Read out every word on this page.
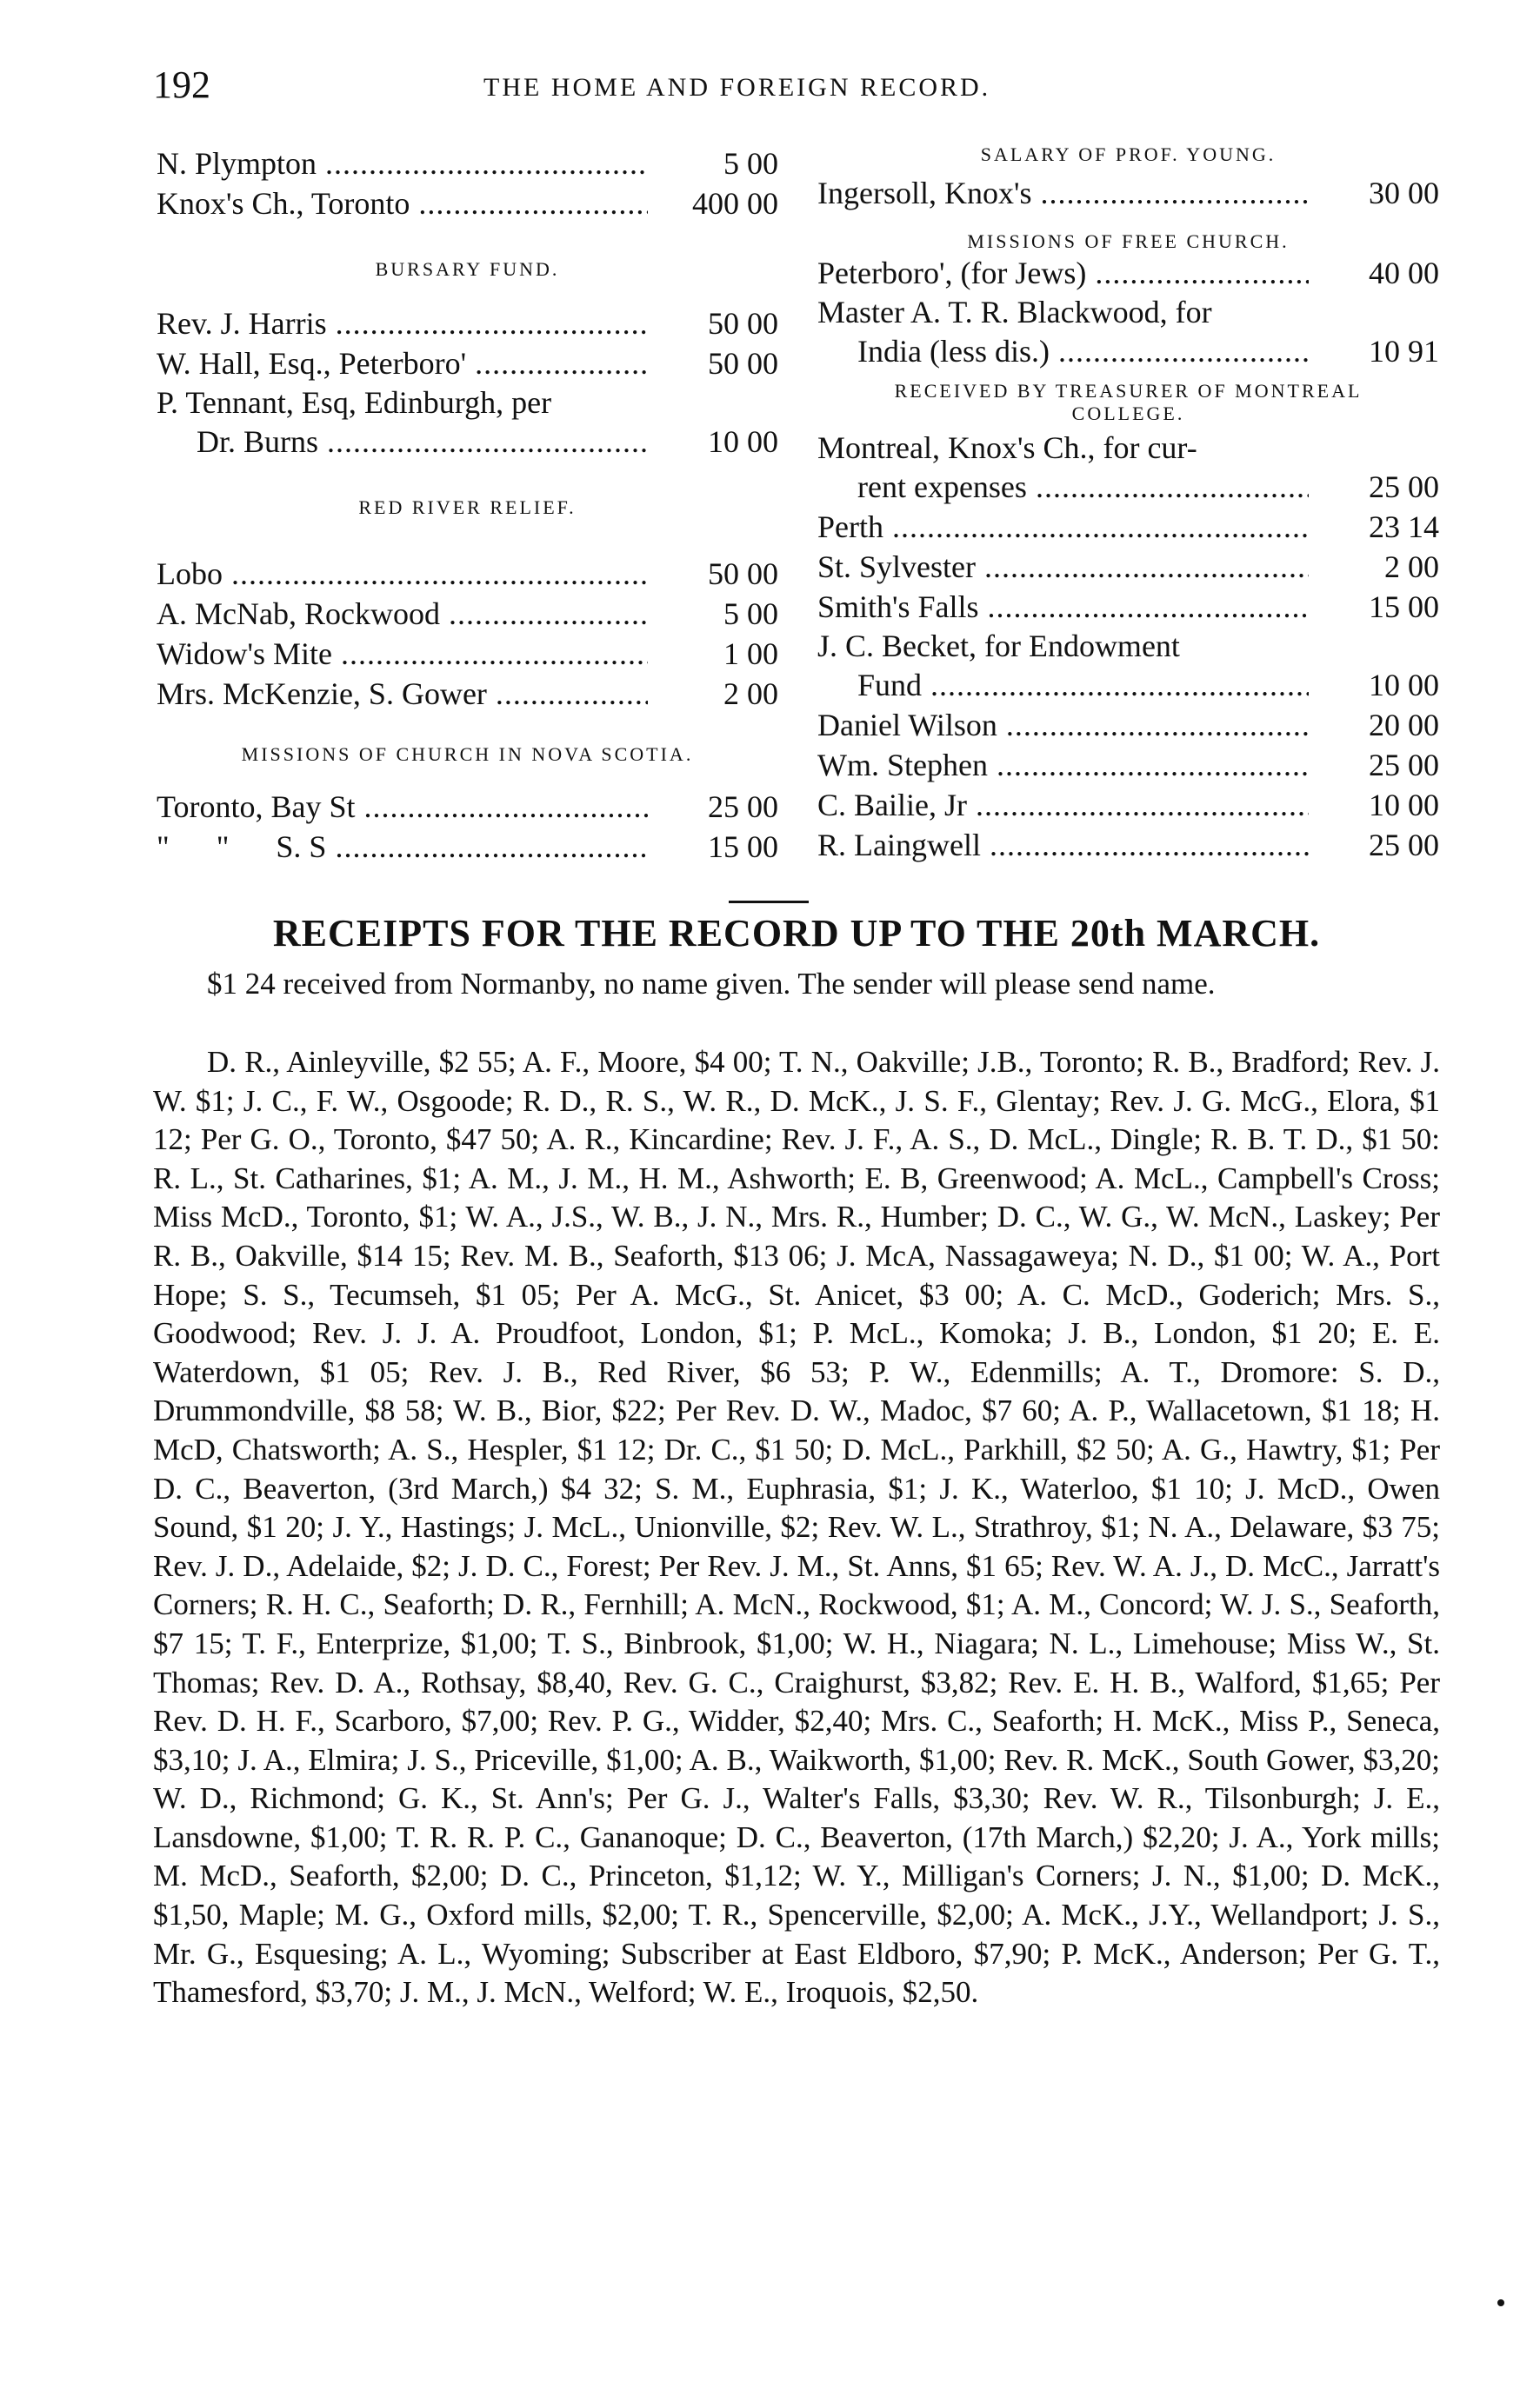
192	THE HOME AND FOREIGN RECORD.
N. Plympton .....	5 00
Knox's Ch., Toronto .....	400 00
BURSARY FUND.
Rev. J. Harris .....	50 00
W. Hall, Esq., Peterboro' .....	50 00
P. Tennant, Esq, Edinburgh, per
Dr. Burns .....	10 00
RED RIVER RELIEF.
Lobo .....	50 00
A. McNab, Rockwood .....	5 00
Widow's Mite .....	1 00
Mrs. McKenzie, S. Gower .....	2 00
MISSIONS OF CHURCH IN NOVA SCOTIA.
Toronto, Bay St .....	25 00
"      "      S. S .....	15 00
SALARY OF PROF. YOUNG.
Ingersoll, Knox's .....	30 00
MISSIONS OF FREE CHURCH.
Peterboro', (for Jews) .....	40 00
Master A. T. R. Blackwood, for
India (less dis.) .....	10 91
RECEIVED BY TREASURER OF MONTREAL
COLLEGE.
Montreal, Knox's Ch., for cur-
rent expenses .....	25 00
Perth .....	23 14
St. Sylvester .....	2 00
Smith's Falls .....	15 00
J. C. Becket, for Endowment
Fund .....	10 00
Daniel Wilson .....	20 00
Wm. Stephen .....	25 00
C. Bailie, Jr .....	10 00
R. Laingwell .....	25 00
RECEIPTS FOR THE RECORD UP TO THE 20th MARCH.

$1 24 received from Normanby, no name given. The sender will please send name.

D. R., Ainleyville, $2 55; A. F., Moore, $4 00; T. N., Oakville; J.B., Toronto; R. B., Bradford; Rev. J. W. $1; J. C., F. W., Osgoode; R. D., R. S., W. R., D. McK., J. S. F., Glentay; Rev. J. G. McG., Elora, $1 12; Per G. O., Toronto, $47 50; A. R., Kincardine; Rev. J. F., A. S., D. McL., Dingle; R. B. T. D., $1 50: R. L., St. Catharines, $1; A. M., J. M., H. M., Ashworth; E. B, Greenwood; A. McL., Campbell's Cross; Miss McD., Toronto, $1; W. A., J.S., W. B., J. N., Mrs. R., Humber; D. C., W. G., W. McN., Laskey; Per R. B., Oakville, $14 15; Rev. M. B., Seaforth, $13 06; J. McA, Nassagaweya; N. D., $1 00; W. A., Port Hope; S. S., Tecumseh, $1 05; Per A. McG., St. Anicet, $3 00; A. C. McD., Goderich; Mrs. S., Goodwood; Rev. J. J. A. Proudfoot, London, $1; P. McL., Komoka; J. B., London, $1 20; E. E. Waterdown, $1 05; Rev. J. B., Red River, $6 53; P. W., Edenmills; A. T., Dromore: S. D., Drummondville, $8 58; W. B., Bior, $22; Per Rev. D. W., Madoc, $7 60; A. P., Wallacetown, $1 18; H. McD, Chatsworth; A. S., Hespler, $1 12; Dr. C., $1 50; D. McL., Parkhill, $2 50; A. G., Hawtry, $1; Per D. C., Beaverton, (3rd March,) $4 32; S. M., Euphrasia, $1; J. K., Waterloo, $1 10; J. McD., Owen Sound, $1 20; J. Y., Hastings; J. McL., Unionville, $2; Rev. W. L., Strathroy, $1; N. A., Delaware, $3 75; Rev. J. D., Adelaide, $2; J. D. C., Forest; Per Rev. J. M., St. Anns, $1 65; Rev. W. A. J., D. McC., Jarratt's Corners; R. H. C., Seaforth; D. R., Fernhill; A. McN., Rockwood, $1; A. M., Concord; W. J. S., Seaforth, $7 15; T. F., Enterprize, $1,00; T. S., Binbrook, $1,00; W. H., Niagara; N. L., Limehouse; Miss W., St. Thomas; Rev. D. A., Rothsay, $8,40, Rev. G. C., Craighurst, $3,82; Rev. E. H. B., Walford, $1,65; Per Rev. D. H. F., Scarboro, $7,00; Rev. P. G., Widder, $2,40; Mrs. C., Seaforth; H. McK., Miss P., Seneca, $3,10; J. A., Elmira; J. S., Priceville, $1,00; A. B., Waikworth, $1,00; Rev. R. McK., South Gower, $3,20; W. D., Richmond; G. K., St. Ann's; Per G. J., Walter's Falls, $3,30; Rev. W. R., Tilsonburgh; J. E., Lansdowne, $1,00; T. R. R. P. C., Gananoque; D. C., Beaverton, (17th March,) $2,20; J. A., York mills; M. McD., Seaforth, $2,00; D. C., Princeton, $1,12; W. Y., Milligan's Corners; J. N., $1,00; D. McK., $1,50, Maple; M. G., Oxford mills, $2,00; T. R., Spencerville, $2,00; A. McK., J.Y., Wellandport; J. S., Mr. G., Esquesing; A. L., Wyoming; Subscriber at East Eldboro, $7,90; P. McK., Anderson; Per G. T., Thamesford, $3,70; J. M., J. McN., Welford; W. E., Iroquois, $2,50.
